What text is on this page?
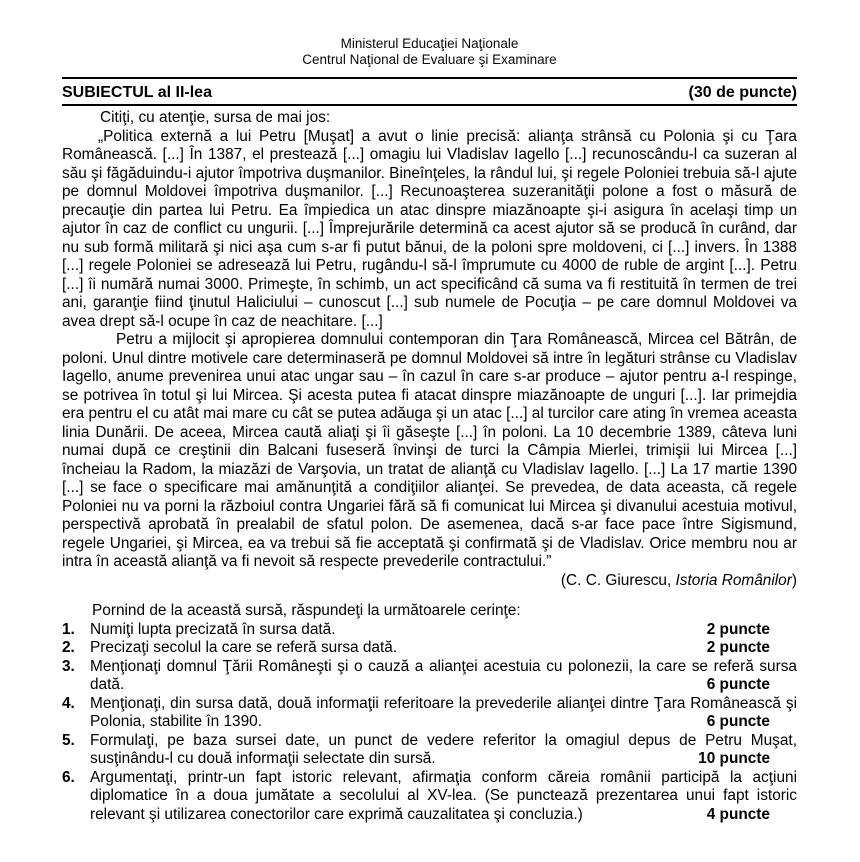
Ministerul Educaţiei Naţionale
Centrul Naţional de Evaluare şi Examinare
SUBIECTUL al II-lea	(30 de puncte)
Citiţi, cu atenţie, sursa de mai jos:

„Politica externă a lui Petru [Muşat] a avut o linie precisă: alianţa strânsă cu Polonia şi cu Ţara Românească. [...] În 1387, el prestează [...] omagiu lui Vladislav Iagello [...] recunoscându-l ca suzeran al său şi făgăduindu-i ajutor împotriva duşmanilor. Bineînţeles, la rândul lui, şi regele Poloniei trebuia să-l ajute pe domnul Moldovei împotriva duşmanilor. [...] Recunoaşterea suzeranităţii polone a fost o măsură de precauţie din partea lui Petru. Ea împiedica un atac dinspre miazănoapte şi-i asigura în acelaşi timp un ajutor în caz de conflict cu ungurii. [...] Împrejurările determină ca acest ajutor să se producă în curând, dar nu sub formă militară şi nici aşa cum s-ar fi putut bănui, de la poloni spre moldoveni, ci [...] invers. În 1388 [...] regele Poloniei se adresează lui Petru, rugându-l să-l împrumute cu 4000 de ruble de argint [...]. Petru [...] îi numără numai 3000. Primeşte, în schimb, un act specificând că suma va fi restituită în termen de trei ani, garanţie fiind ţinutul Haliciului – cunoscut [...] sub numele de Pocuţia – pe care domnul Moldovei va avea drept să-l ocupe în caz de neachitare. [...]

Petru a mijlocit şi apropierea domnului contemporan din Ţara Românească, Mircea cel Bătrân, de poloni. Unul dintre motivele care determinaseră pe domnul Moldovei să intre în legături strânse cu Vladislav Iagello, anume prevenirea unui atac ungar sau – în cazul în care s-ar produce – ajutor pentru a-l respinge, se potrivea în totul şi lui Mircea. Şi acesta putea fi atacat dinspre miazănoapte de unguri [...]. Iar primejdia era pentru el cu atât mai mare cu cât se putea adăuga şi un atac [...] al turcilor care ating în vremea aceasta linia Dunării. De aceea, Mircea caută aliaţi şi îi găseşte [...] în poloni. La 10 decembrie 1389, câteva luni numai după ce creştinii din Balcani fuseseră învinşi de turci la Câmpia Mierlei, trimişii lui Mircea [...] încheiau la Radom, la miazăzi de Varşovia, un tratat de alianţă cu Vladislav Iagello. [...] La 17 martie 1390 [...] se face o specificare mai amănunţită a condiţiilor alianţei. Se prevedea, de data aceasta, că regele Poloniei nu va porni la războiul contra Ungariei fără să fi comunicat lui Mircea şi divanului acestuia motivul, perspectivă aprobată în prealabil de sfatul polon. De asemenea, dacă s-ar face pace între Sigismund, regele Ungariei, şi Mircea, ea va trebui să fie acceptată şi confirmată şi de Vladislav. Orice membru nou ar intra în această alianţă va fi nevoit să respecte prevederile contractului.”

(C. C. Giurescu, Istoria Românilor)
Pornind de la aceastǎ sursă, răspundeţi la următoarele cerinţe:
1. Numiţi lupta precizată în sursa dată.	2 puncte
2. Precizaţi secolul la care se referă sursa dată.	2 puncte
3. Menţionaţi domnul Ţării Româneşti şi o cauză a alianţei acestuia cu polonezii, la care se referă sursa dată.	6 puncte
4. Menţionaţi, din sursa dată, două informaţii referitoare la prevederile alianţei dintre Ţara Românească şi Polonia, stabilite în 1390.	6 puncte
5. Formulaţi, pe baza sursei date, un punct de vedere referitor la omagiul depus de Petru Muşat, susţinându-l cu două informaţii selectate din sursă.	10 puncte
6. Argumentaţi, printr-un fapt istoric relevant, afirmaţia conform căreia românii participă la acţiuni diplomatice în a doua jumătate a secolului al XV-lea. (Se punctează prezentarea unui fapt istoric relevant şi utilizarea conectorilor care exprimă cauzalitatea şi concluzia.)	4 puncte
